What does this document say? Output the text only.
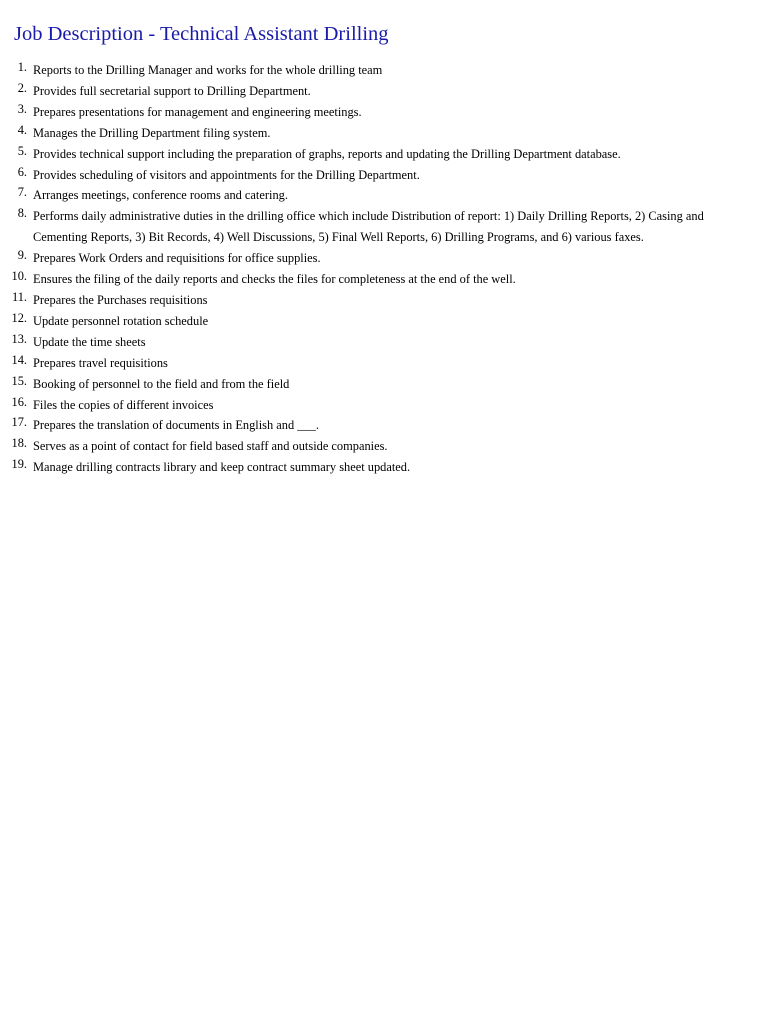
Job Description - Technical Assistant Drilling
1. Reports to the Drilling Manager and works for the whole drilling team
2. Provides full secretarial support to Drilling Department.
3. Prepares presentations for management and engineering meetings.
4. Manages the Drilling Department filing system.
5. Provides technical support including the preparation of graphs, reports and updating the Drilling Department database.
6. Provides scheduling of visitors and appointments for the Drilling Department.
7. Arranges meetings, conference rooms and catering.
8. Performs daily administrative duties in the drilling office which include Distribution of report: 1) Daily Drilling Reports, 2) Casing and Cementing Reports, 3) Bit Records, 4) Well Discussions, 5) Final Well Reports, 6) Drilling Programs, and 6) various faxes.
9. Prepares Work Orders and requisitions for office supplies.
10. Ensures the filing of the daily reports and checks the files for completeness at the end of the well.
11. Prepares the Purchases requisitions
12. Update personnel rotation schedule
13. Update the time sheets
14. Prepares travel requisitions
15. Booking of personnel to the field and from the field
16. Files the copies of different invoices
17. Prepares the translation of documents in English and ___.
18. Serves as a point of contact for field based staff and outside companies.
19. Manage drilling contracts library and keep contract summary sheet updated.
